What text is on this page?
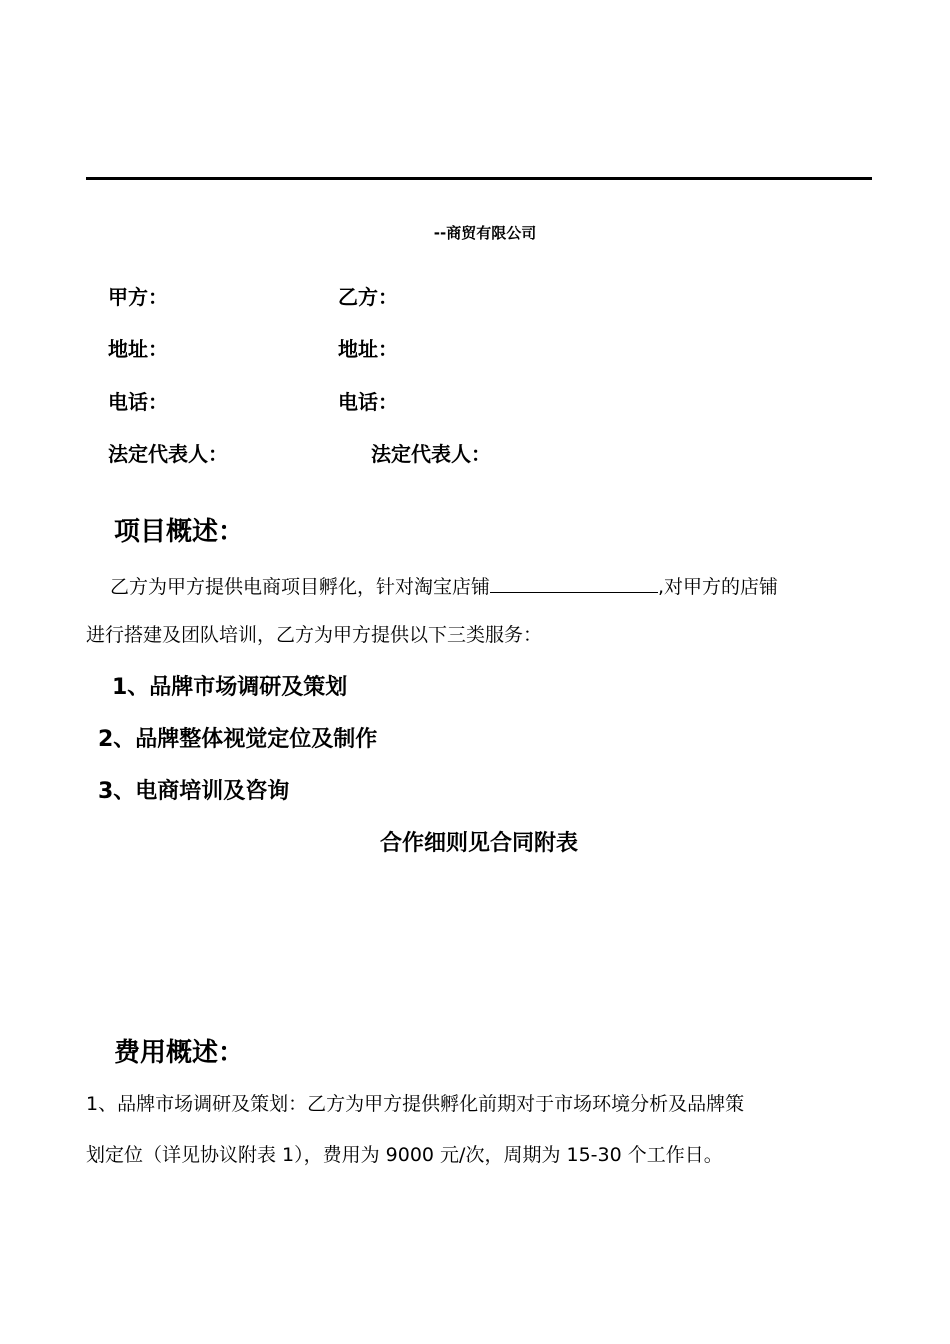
--商贸有限公司
甲方：	乙方：
地址：	地址：
电话：	电话：
法定代表人：	法定代表人：
项目概述：
乙方为甲方提供电商项目孵化，针对淘宝店铺	,对甲方的店铺
进行搭建及团队培训，乙方为甲方提供以下三类服务：
1、品牌市场调研及策划
2、品牌整体视觉定位及制作
3、电商培训及咨询
合作细则见合同附表
费用概述：
1、品牌市场调研及策划：乙方为甲方提供孵化前期对于市场环境分析及品牌策
划定位（详见协议附表 1），费用为 9000 元/次，周期为 15-30 个工作日。
